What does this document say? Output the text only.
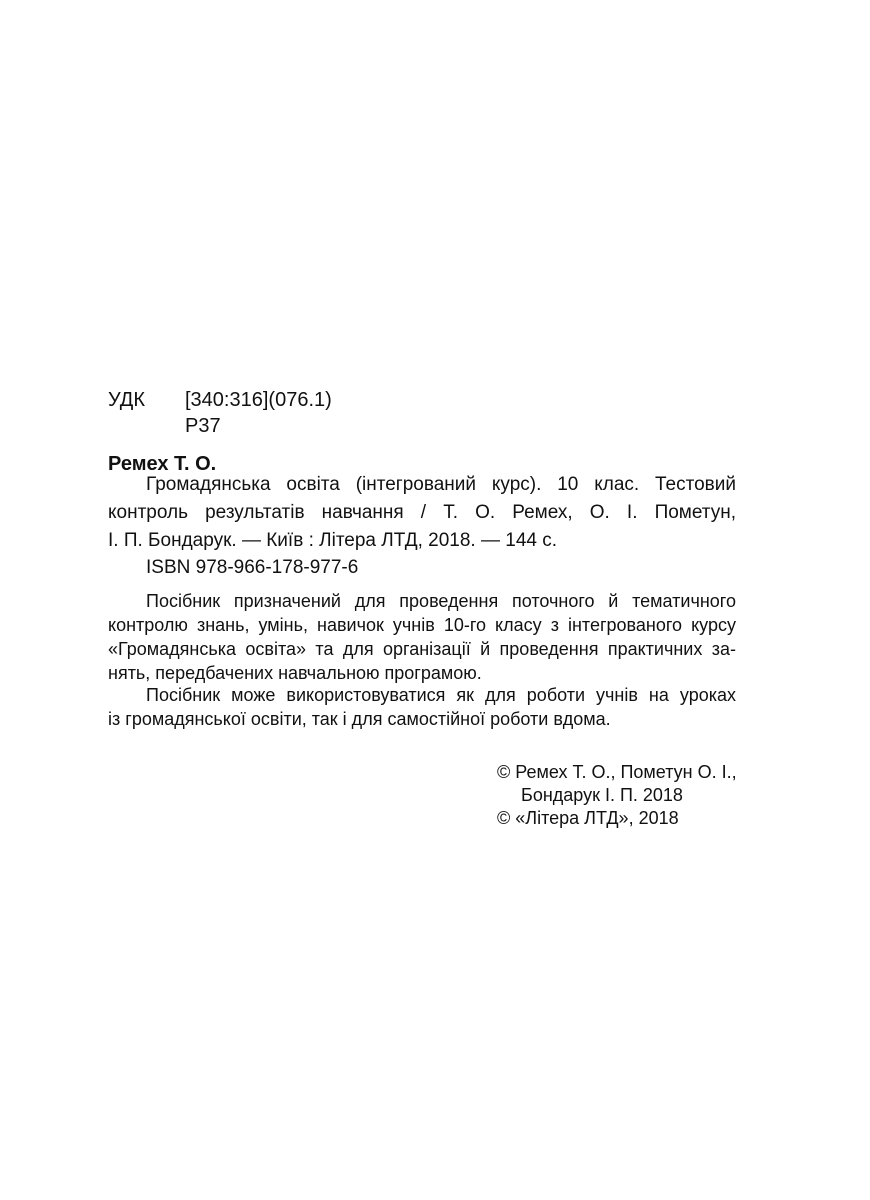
УДК [340:316](076.1)
Р37
Ремех Т. О.
Громадянська освіта (інтегрований курс). 10 клас. Тестовий
контроль результатів навчання / Т. О. Ремех, О. І. Пометун,
І. П. Бондарук. — Київ : Літера ЛТД, 2018. — 144 с.
ISBN 978-966-178-977-6
Посібник призначений для проведення поточного й тематичного
контролю знань, умінь, навичок учнів 10-го класу з інтегрованого курсу
«Громадянська освіта» та для організації й проведення практичних за-
нять, передбачених навчальною програмою.
Посібник може використовуватися як для роботи учнів на уроках
із громадянської освіти, так і для самостійної роботи вдома.
© Ремех Т. О., Пометун О. І.,
Бондарук І. П. 2018
© «Літера ЛТД», 2018
